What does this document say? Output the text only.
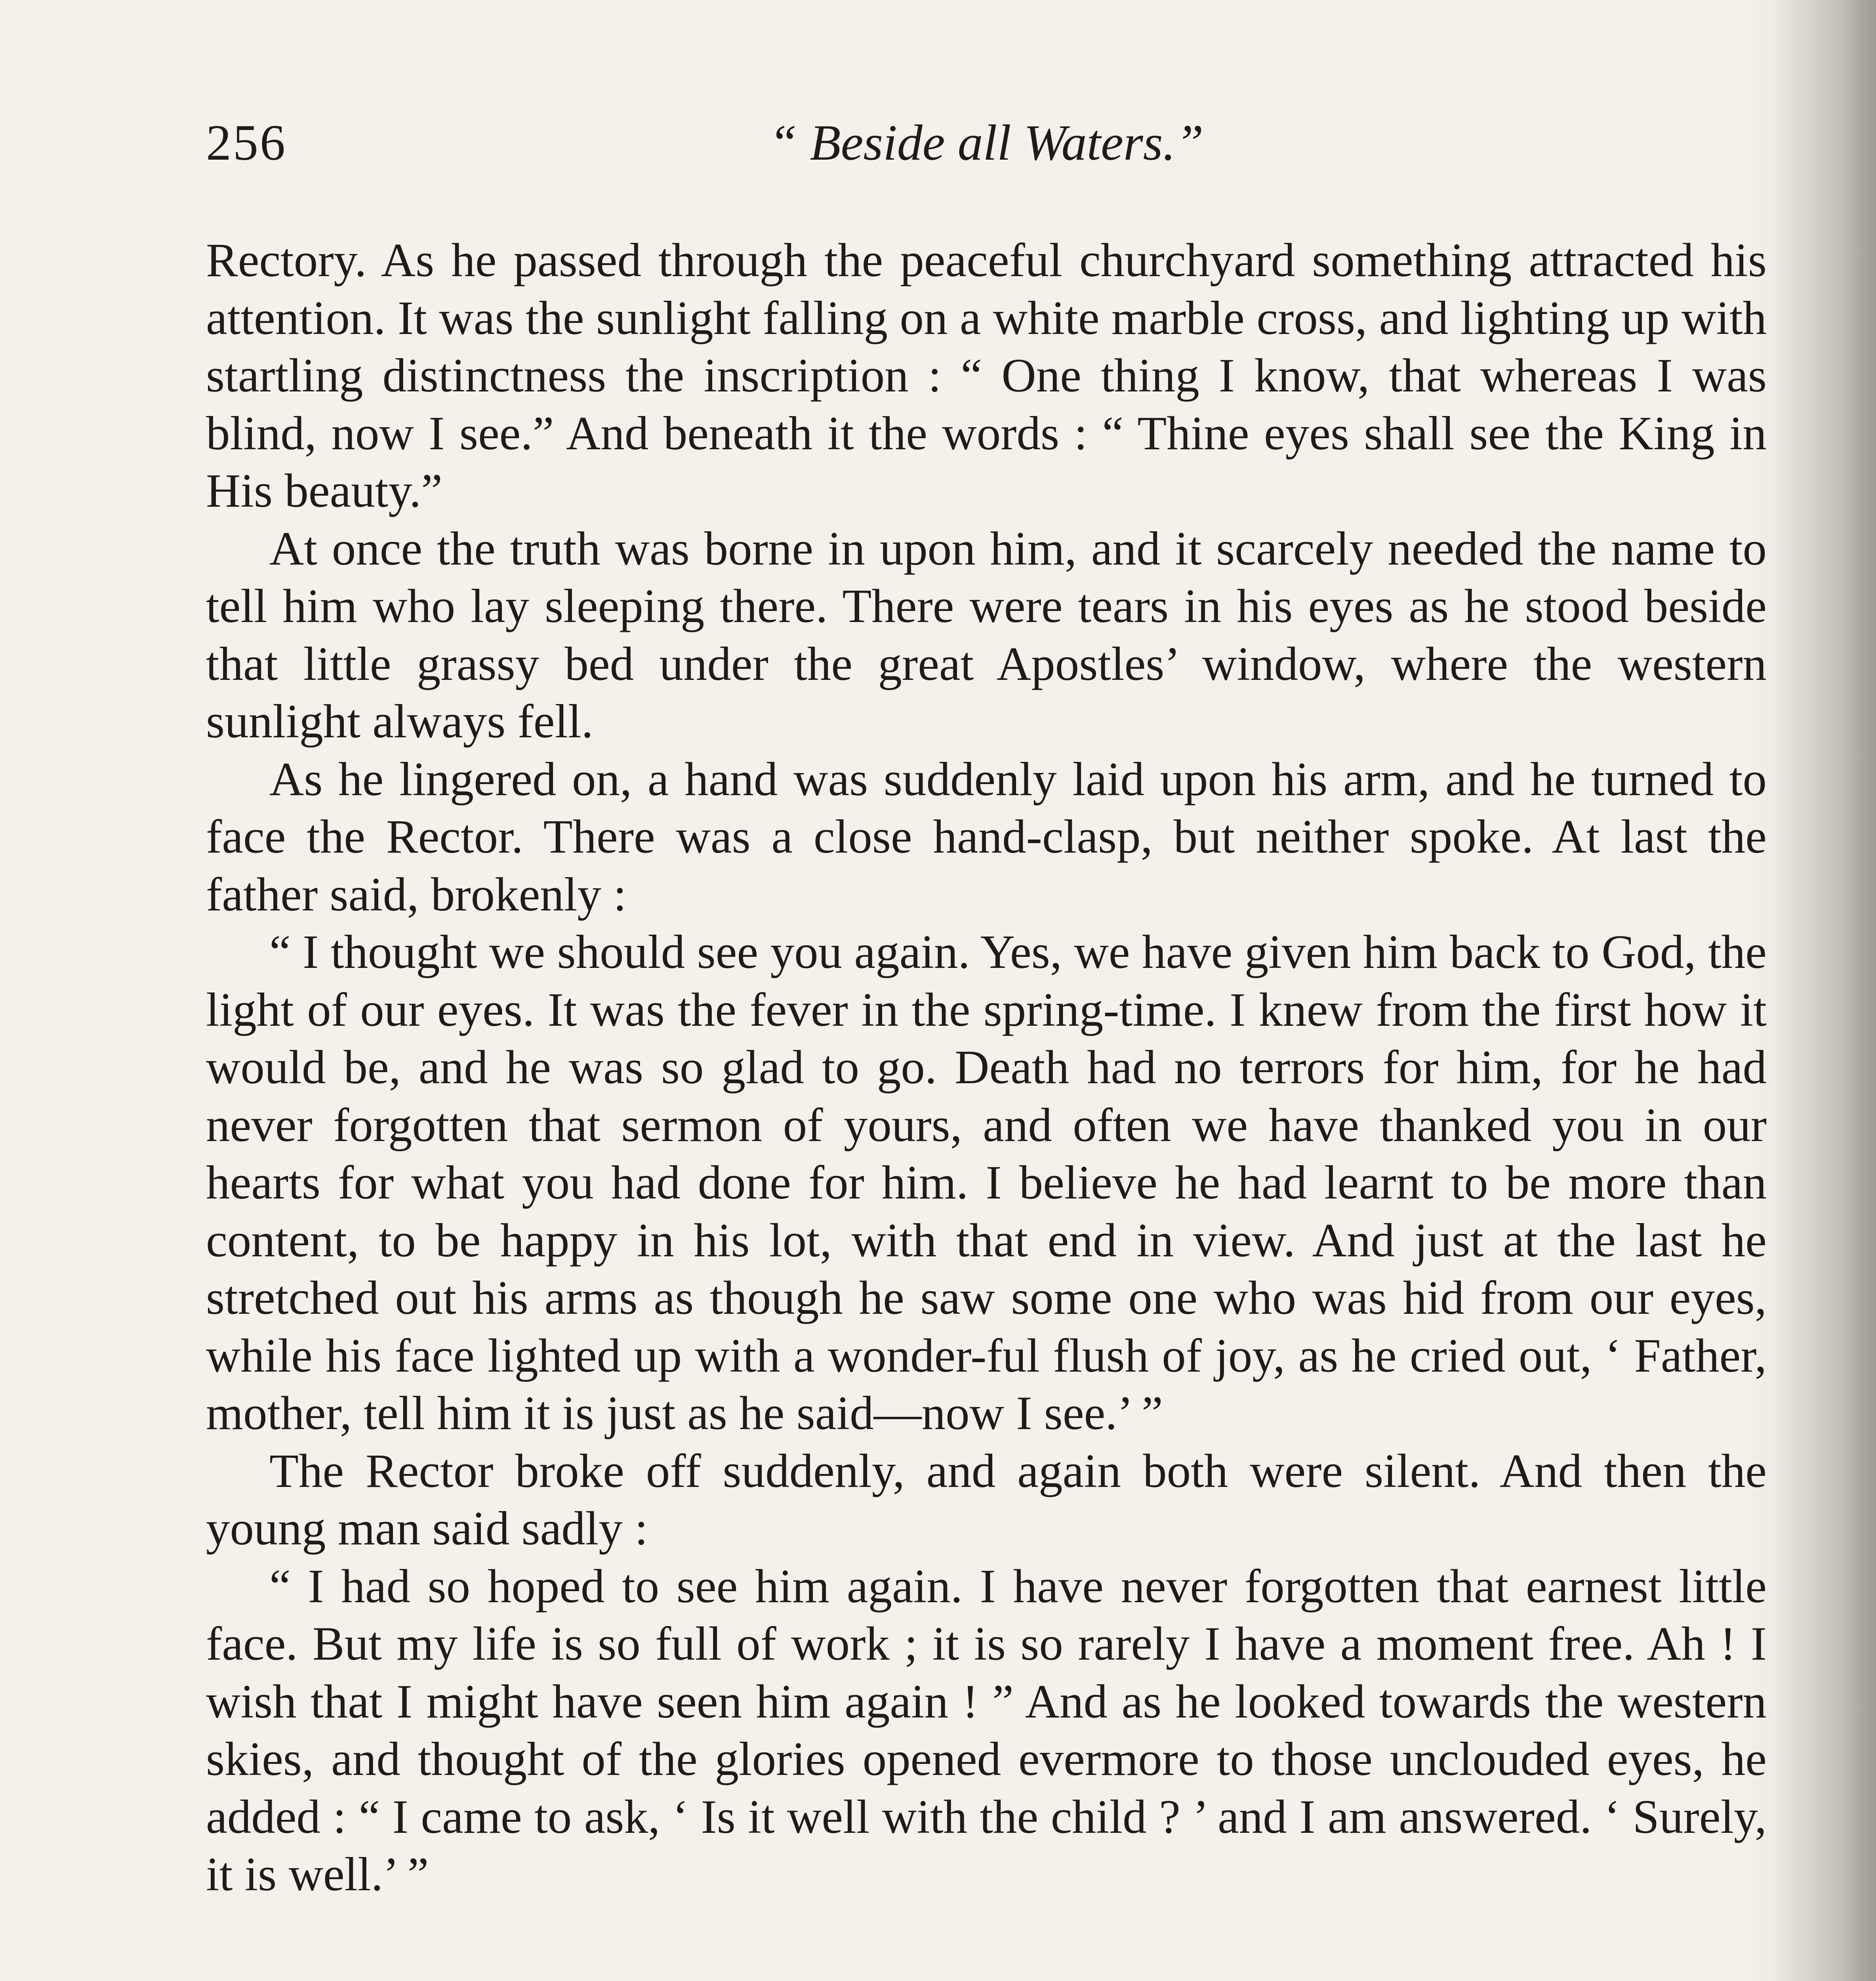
256	“ Beside all Waters.”

Rectory. As he passed through the peaceful churchyard something attracted his attention. It was the sunlight falling on a white marble cross, and lighting up with startling distinctness the inscription : “ One thing I know, that whereas I was blind, now I see.” And beneath it the words : “ Thine eyes shall see the King in His beauty.”

At once the truth was borne in upon him, and it scarcely needed the name to tell him who lay sleeping there. There were tears in his eyes as he stood beside that little grassy bed under the great Apostles’ window, where the western sunlight always fell.

As he lingered on, a hand was suddenly laid upon his arm, and he turned to face the Rector. There was a close hand-clasp, but neither spoke. At last the father said, brokenly :

“ I thought we should see you again. Yes, we have given him back to God, the light of our eyes. It was the fever in the spring-time. I knew from the first how it would be, and he was so glad to go. Death had no terrors for him, for he had never forgotten that sermon of yours, and often we have thanked you in our hearts for what you had done for him. I believe he had learnt to be more than content, to be happy in his lot, with that end in view. And just at the last he stretched out his arms as though he saw some one who was hid from our eyes, while his face lighted up with a wonder-ful flush of joy, as he cried out, ‘ Father, mother, tell him it is just as he said—now I see.’ ”

The Rector broke off suddenly, and again both were silent. And then the young man said sadly :

“ I had so hoped to see him again. I have never forgotten that earnest little face. But my life is so full of work ; it is so rarely I have a moment free. Ah ! I wish that I might have seen him again ! ” And as he looked towards the western skies, and thought of the glories opened evermore to those unclouded eyes, he added : “ I came to ask, ‘ Is it well with the child ? ’ and I am answered. ‘ Surely, it is well.’ ”
